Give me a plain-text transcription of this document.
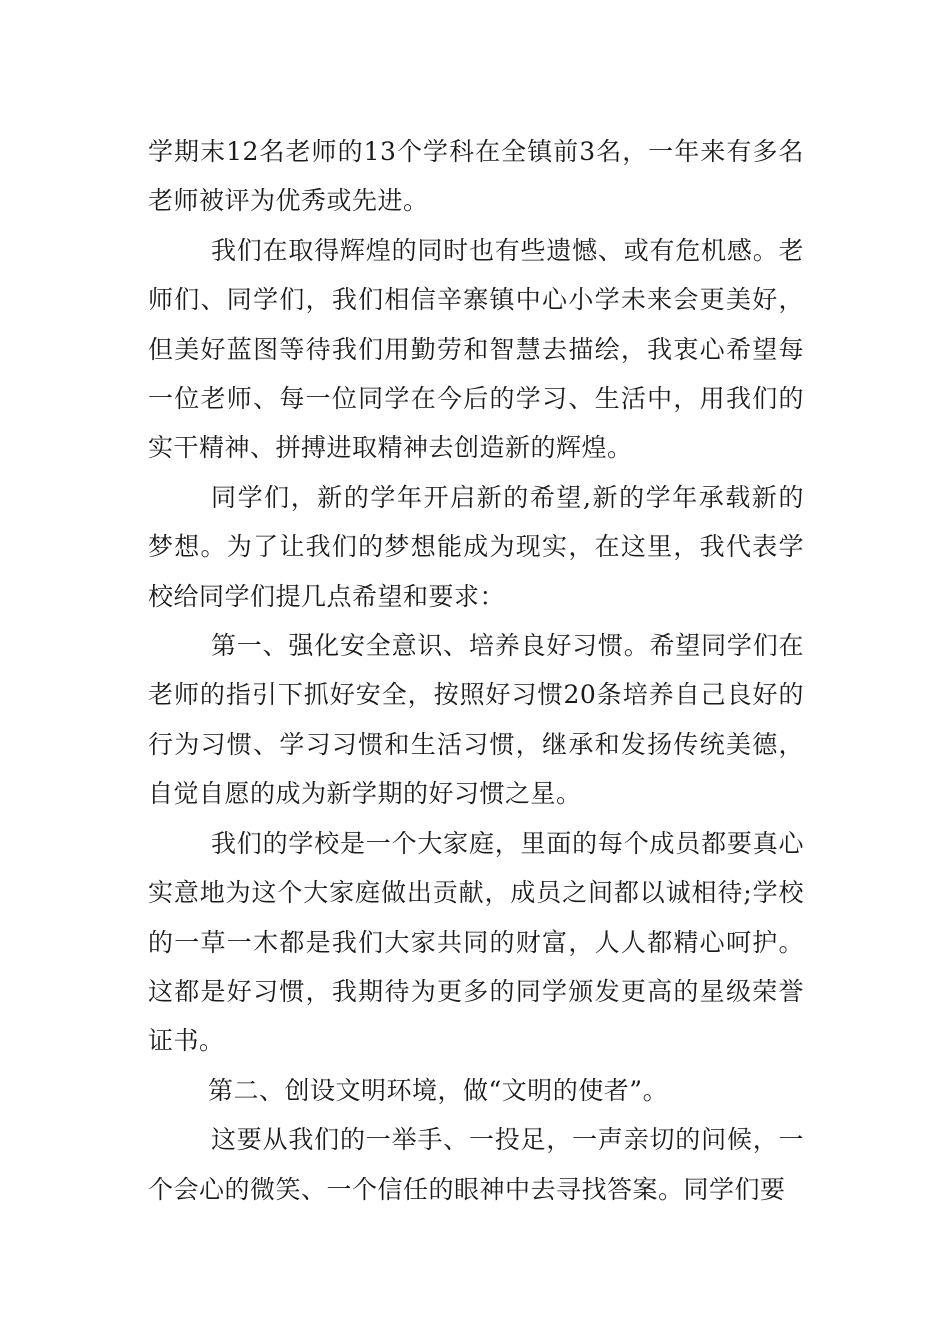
学期末12名老师的13个学科在全镇前3名，一年来有多名老师被评为优秀或先进。

我们在取得辉煌的同时也有些遗憾、或有危机感。老师们、同学们，我们相信辛寨镇中心小学未来会更美好，但美好蓝图等待我们用勤劳和智慧去描绘，我衷心希望每一位老师、每一位同学在今后的学习、生活中，用我们的实干精神、拼搏进取精神去创造新的辉煌。

同学们，新的学年开启新的希望,新的学年承载新的梦想。为了让我们的梦想能成为现实，在这里，我代表学校给同学们提几点希望和要求：

第一、强化安全意识、培养良好习惯。希望同学们在老师的指引下抓好安全，按照好习惯20条培养自己良好的行为习惯、学习习惯和生活习惯，继承和发扬传统美德，自觉自愿的成为新学期的好习惯之星。

我们的学校是一个大家庭，里面的每个成员都要真心实意地为这个大家庭做出贡献，成员之间都以诚相待;学校的一草一木都是我们大家共同的财富，人人都精心呵护。这都是好习惯，我期待为更多的同学颁发更高的星级荣誉证书。

第二、创设文明环境，做“文明的使者”。

这要从我们的一举手、一投足，一声亲切的问候，一个会心的微笑、一个信任的眼神中去寻找答案。同学们要
